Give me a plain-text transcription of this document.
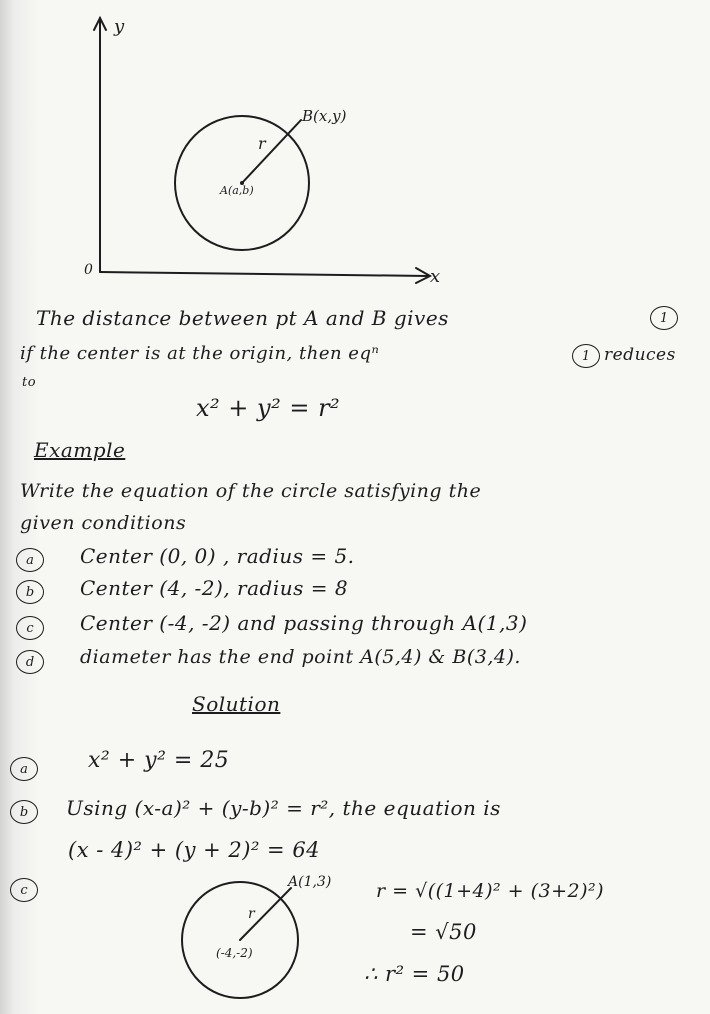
y
x
0
r
B(x,y)
A(a,b)
The distance between pt A and B gives	1
if the center is at the origin, then eqⁿ	1 reduces
to
x² + y² = r²
Example
Write the equation of the circle satisfying the
given conditions
a	Center (0, 0) , radius = 5.
b	Center (4, -2), radius = 8
c	Center (-4, -2) and passing through A(1,3)
d	diameter has the end point A(5,4) & B(3,4).
Solution
a	x² + y² = 25
b	Using (x-a)² + (y-b)² = r², the equation is
(x - 4)² + (y + 2)² = 64
c	A(1,3)
r
(-4,-2)
r = √((1+4)² + (3+2)²)
= √50
∴ r² = 50
